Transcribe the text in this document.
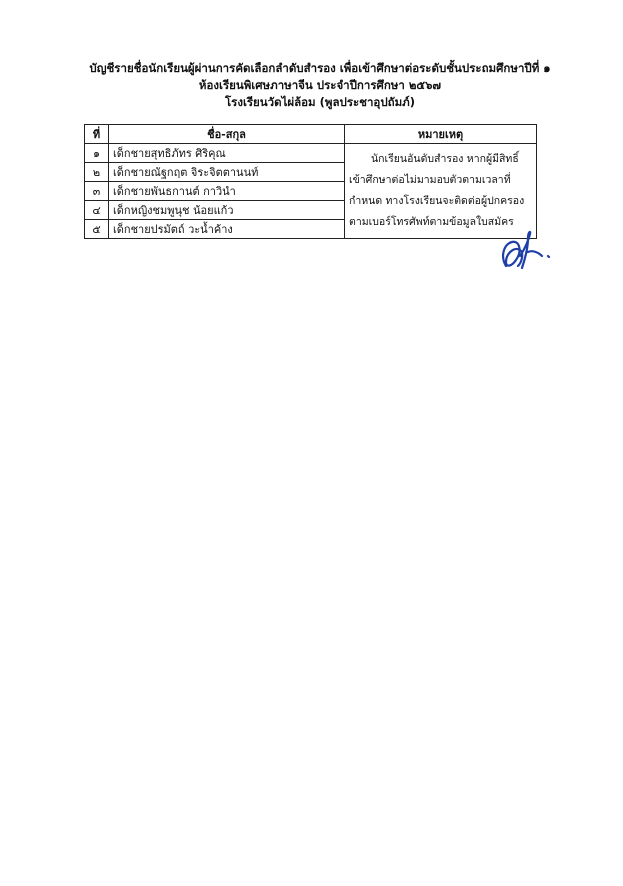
บัญชีรายชื่อนักเรียนผู้ผ่านการคัดเลือกลำดับสำรอง เพื่อเข้าศึกษาต่อระดับชั้นประถมศึกษาปีที่ ๑
ห้องเรียนพิเศษภาษาจีน ประจำปีการศึกษา ๒๕๖๗
โรงเรียนวัดไผ่ล้อม (พูลประชาอุปถัมภ์)
ที่	ชื่อ-สกุล	หมายเหตุ
๑	เด็กชายสุทธิภัทร ศิริคุณ	นักเรียนอันดับสำรอง หากผู้มีสิทธิ์
เข้าศึกษาต่อไม่มามอบตัวตามเวลาที่
กำหนด ทางโรงเรียนจะติดต่อผู้ปกครอง
ตามเบอร์โทรศัพท์ตามข้อมูลใบสมัคร

๒	เด็กชายณัฐกฤต จิระจิตตานนท์	
๓	เด็กชายพันธกานต์ กาวินำ	
๔	เด็กหญิงชมพูนุช น้อยแก้ว	
๕	เด็กชายปรมัตถ์ วะน้ำค้าง	
